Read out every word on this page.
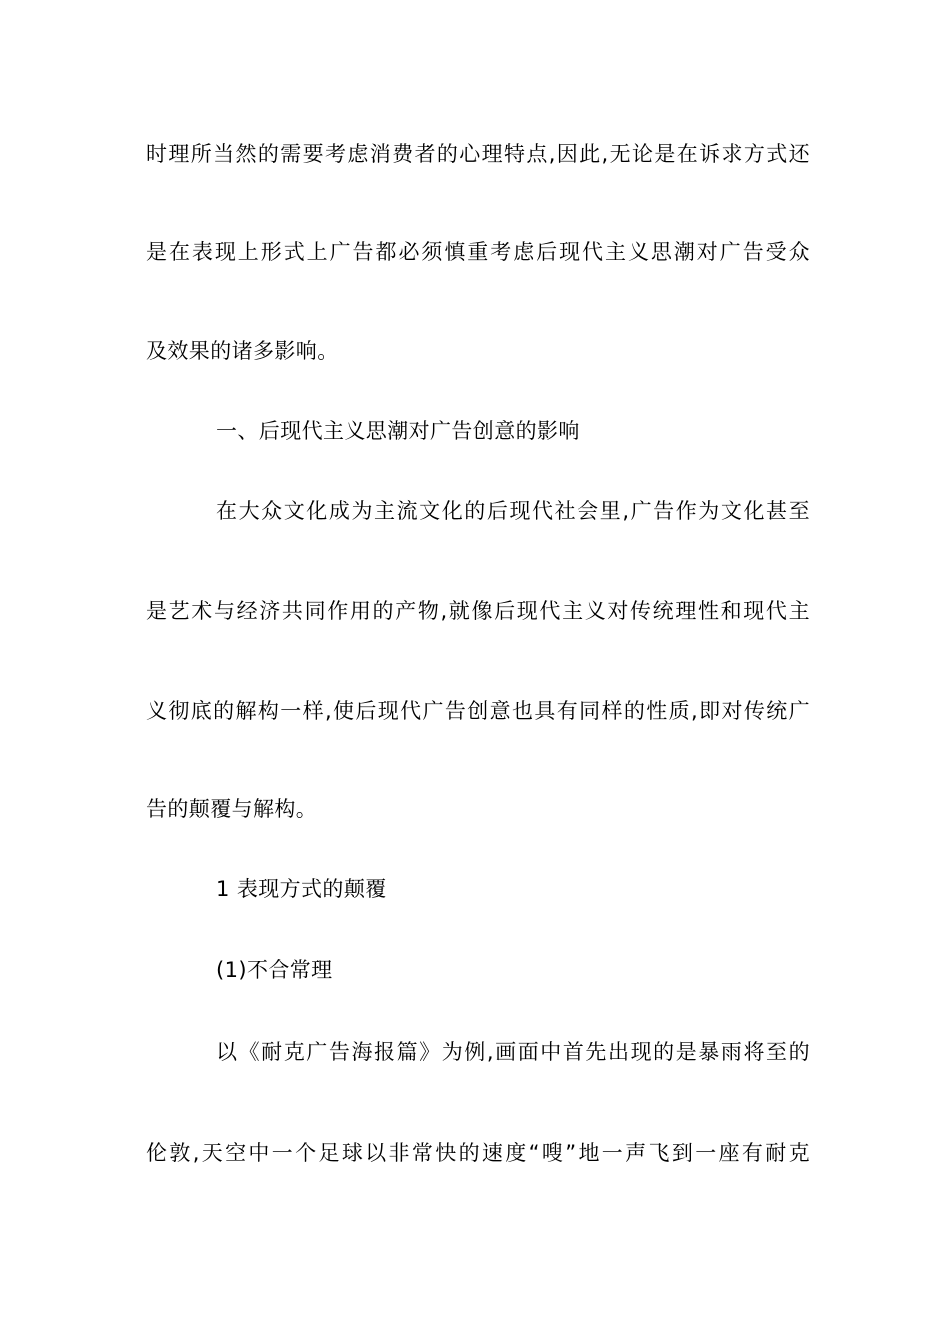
时理所当然的需要考虑消费者的心理特点,因此,无论是在诉求方式还
是在表现上形式上广告都必须慎重考虑后现代主义思潮对广告受众
及效果的诸多影响。
一、后现代主义思潮对广告创意的影响
在大众文化成为主流文化的后现代社会里,广告作为文化甚至
是艺术与经济共同作用的产物,就像后现代主义对传统理性和现代主
义彻底的解构一样,使后现代广告创意也具有同样的性质,即对传统广
告的颠覆与解构。
1 表现方式的颠覆
(1)不合常理
以《耐克广告海报篇》为例,画面中首先出现的是暴雨将至的
伦敦,天空中一个足球以非常快的速度“嗖”地一声飞到一座有耐克
